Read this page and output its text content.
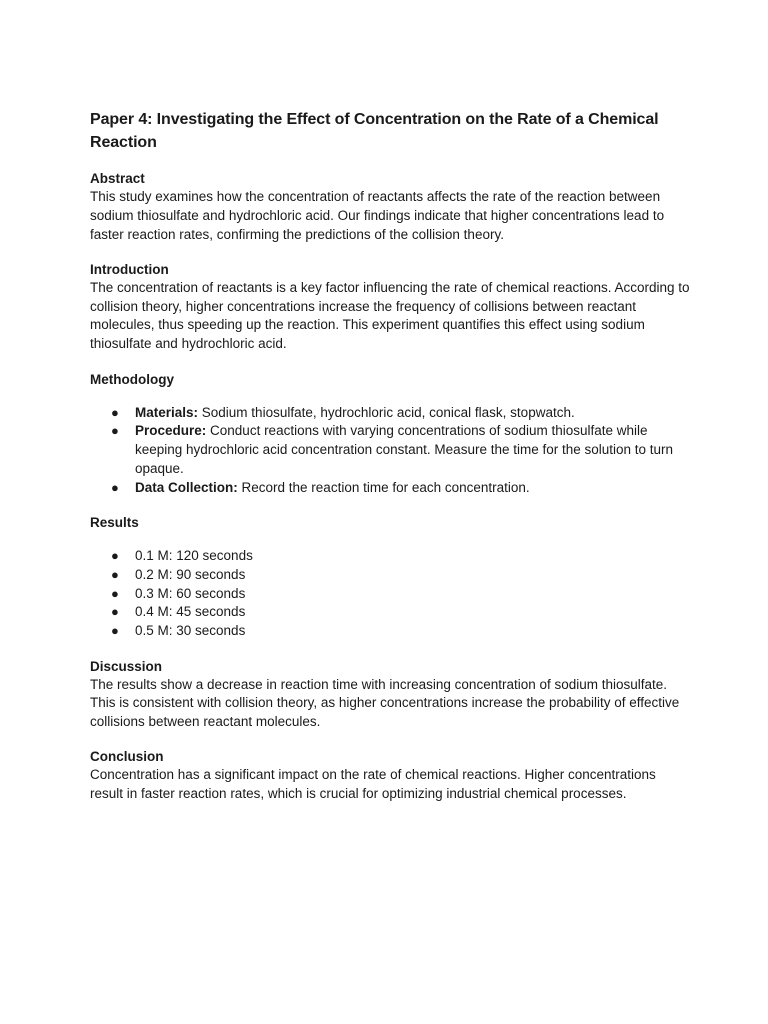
Paper 4: Investigating the Effect of Concentration on the Rate of a Chemical Reaction
Abstract

This study examines how the concentration of reactants affects the rate of the reaction between sodium thiosulfate and hydrochloric acid. Our findings indicate that higher concentrations lead to faster reaction rates, confirming the predictions of the collision theory.

Introduction

The concentration of reactants is a key factor influencing the rate of chemical reactions. According to collision theory, higher concentrations increase the frequency of collisions between reactant molecules, thus speeding up the reaction. This experiment quantifies this effect using sodium thiosulfate and hydrochloric acid.

Methodology
● Materials: Sodium thiosulfate, hydrochloric acid, conical flask, stopwatch.
● Procedure: Conduct reactions with varying concentrations of sodium thiosulfate while keeping hydrochloric acid concentration constant. Measure the time for the solution to turn opaque.
● Data Collection: Record the reaction time for each concentration.
Results
● 0.1 M: 120 seconds
● 0.2 M: 90 seconds
● 0.3 M: 60 seconds
● 0.4 M: 45 seconds
● 0.5 M: 30 seconds
Discussion

The results show a decrease in reaction time with increasing concentration of sodium thiosulfate. This is consistent with collision theory, as higher concentrations increase the probability of effective collisions between reactant molecules.

Conclusion

Concentration has a significant impact on the rate of chemical reactions. Higher concentrations result in faster reaction rates, which is crucial for optimizing industrial chemical processes.
